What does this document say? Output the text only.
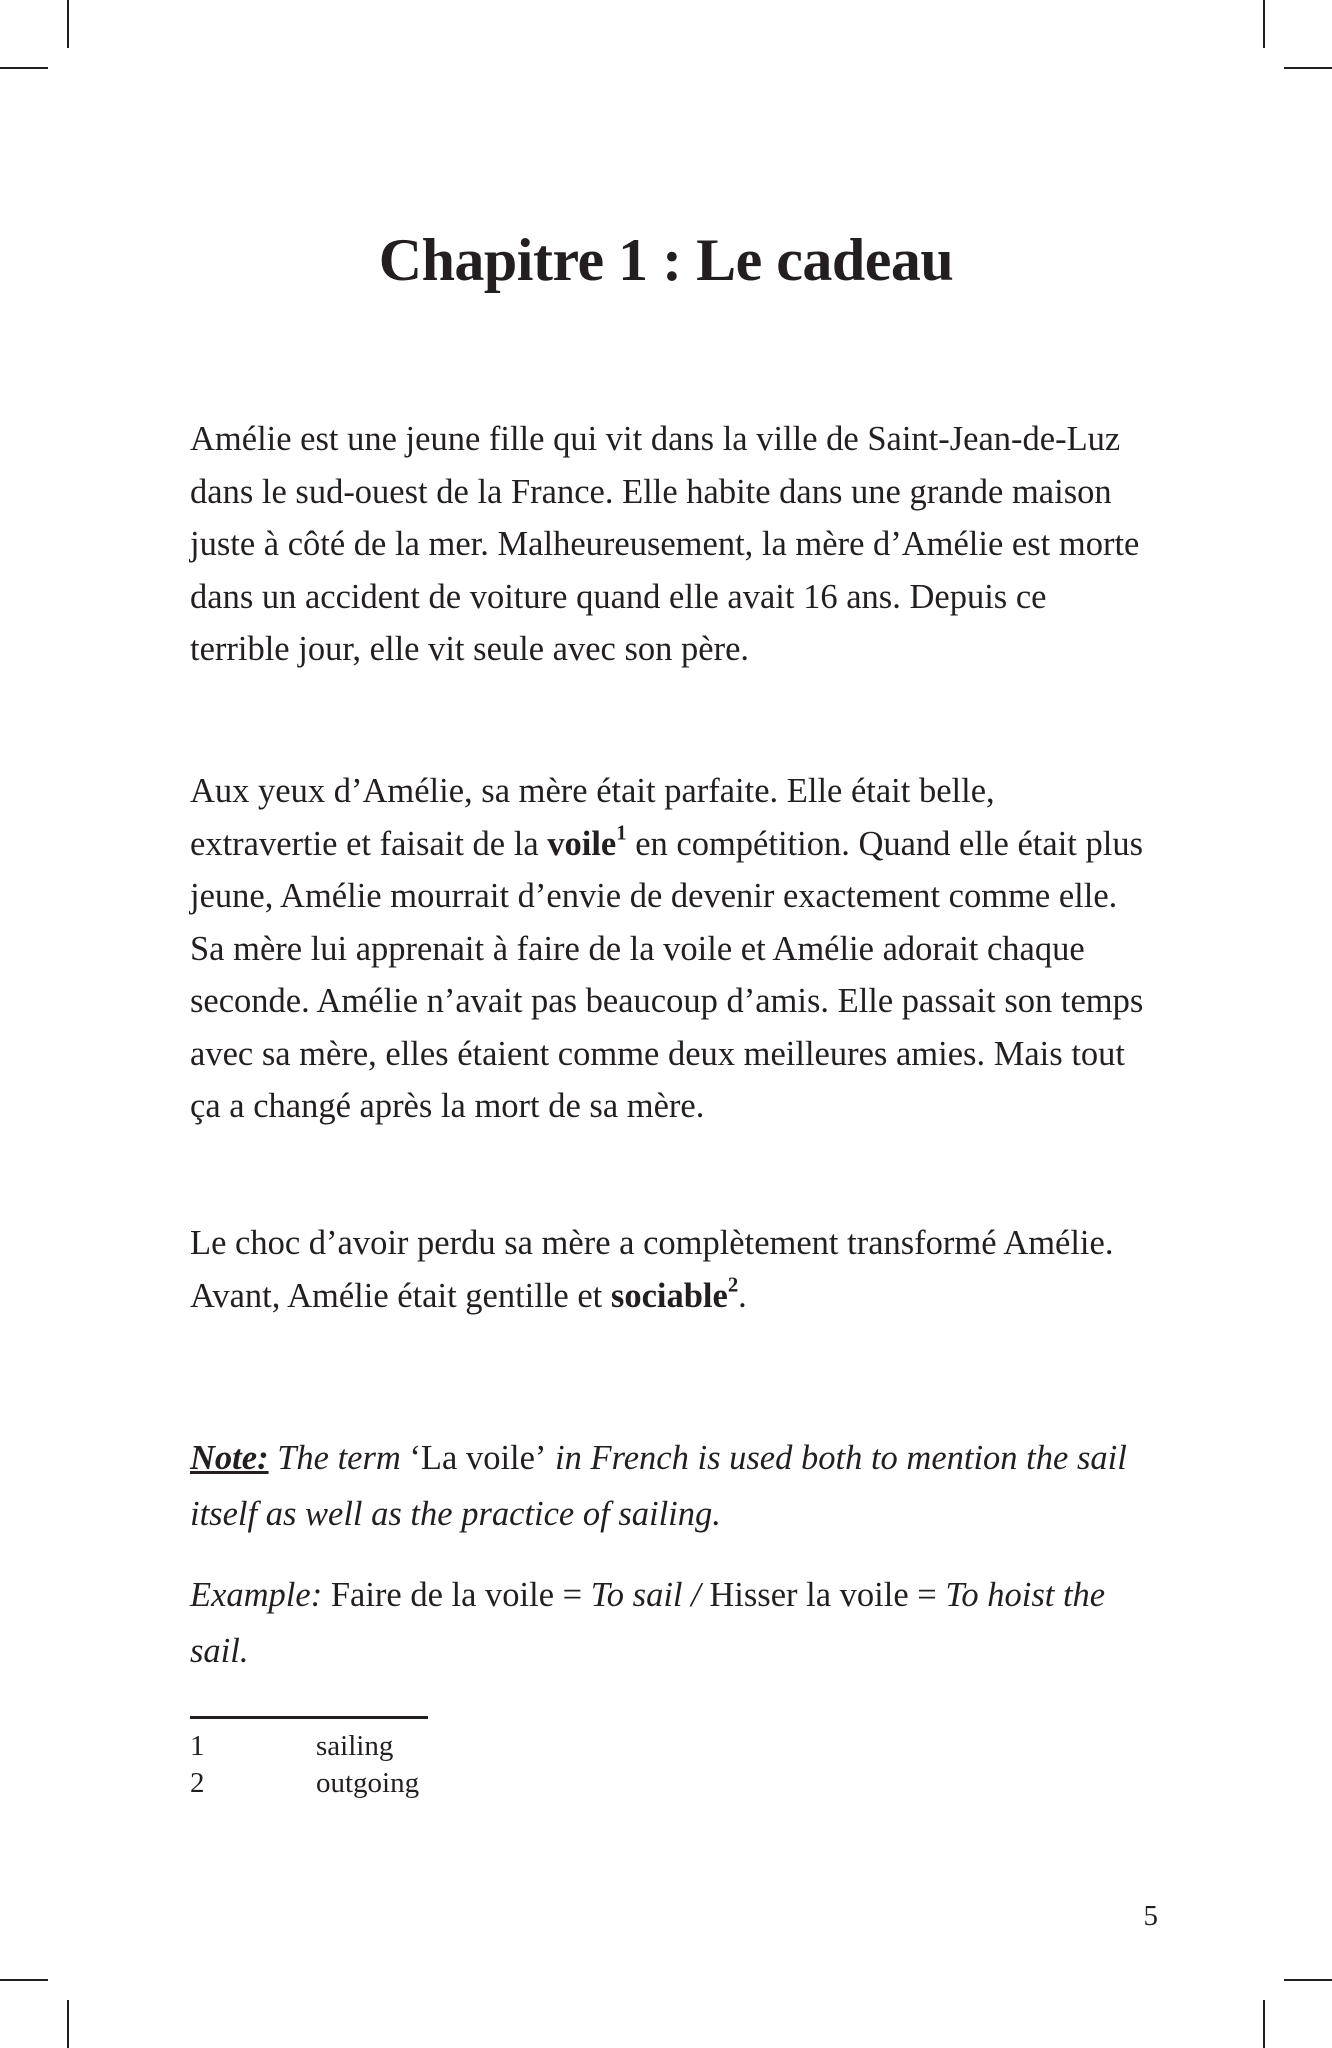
Chapitre 1 : Le cadeau

Amélie est une jeune fille qui vit dans la ville de Saint-Jean-de-Luz dans le sud-ouest de la France. Elle habite dans une grande maison juste à côté de la mer. Malheureusement, la mère d’Amélie est morte dans un accident de voiture quand elle avait 16 ans. Depuis ce terrible jour, elle vit seule avec son père.

Aux yeux d’Amélie, sa mère était parfaite. Elle était belle, extravertie et faisait de la voile$^1$ en compétition. Quand elle était plus jeune, Amélie mourrait d’envie de devenir exactement comme elle. Sa mère lui apprenait à faire de la voile et Amélie adorait chaque seconde. Amélie n’avait pas beaucoup d’amis. Elle passait son temps avec sa mère, elles étaient comme deux meilleures amies. Mais tout ça a changé après la mort de sa mère.

Le choc d’avoir perdu sa mère a complètement transformé Amélie. Avant, Amélie était gentille et sociable$^2$.

Note: The term ‘La voile’ in French is used both to mention the sail itself as well as the practice of sailing.

Example: Faire de la voile = To sail / Hisser la voile = To hoist the sail.

1	sailing
2	outgoing
5
